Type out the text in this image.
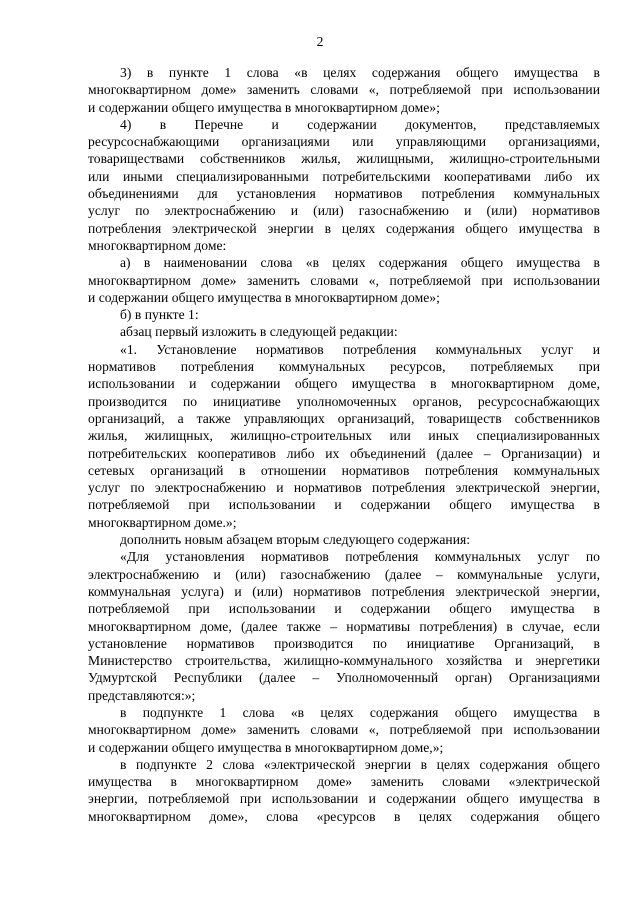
2

3) в пункте 1 слова «в целях содержания общего имущества в

многоквартирном доме» заменить словами «, потребляемой при использовании

и содержании общего имущества в многоквартирном доме»;

4) в Перечне и содержании документов, представляемых

ресурсоснабжающими организациями или управляющими организациями,

товариществами собственников жилья, жилищными, жилищно-строительными

или иными специализированными потребительскими кооперативами либо их

объединениями для установления нормативов потребления коммунальных

услуг по электроснабжению и (или) газоснабжению и (или) нормативов

потребления электрической энергии в целях содержания общего имущества в

многоквартирном доме:

а) в наименовании слова «в целях содержания общего имущества в

многоквартирном доме» заменить словами «, потребляемой при использовании

и содержании общего имущества в многоквартирном доме»;

б) в пункте 1:

абзац первый изложить в следующей редакции:

«1. Установление нормативов потребления коммунальных услуг и

нормативов потребления коммунальных ресурсов, потребляемых при

использовании и содержании общего имущества в многоквартирном доме,

производится по инициативе уполномоченных органов, ресурсоснабжающих

организаций, а также управляющих организаций, товариществ собственников

жилья, жилищных, жилищно-строительных или иных специализированных

потребительских кооперативов либо их объединений (далее – Организации) и

сетевых организаций в отношении нормативов потребления коммунальных

услуг по электроснабжению и нормативов потребления электрической энергии,

потребляемой при использовании и содержании общего имущества в

многоквартирном доме.»;

дополнить новым абзацем вторым следующего содержания:

«Для установления нормативов потребления коммунальных услуг по

электроснабжению и (или) газоснабжению (далее – коммунальные услуги,

коммунальная услуга) и (или) нормативов потребления электрической энергии,

потребляемой при использовании и содержании общего имущества в

многоквартирном доме, (далее также – нормативы потребления) в случае, если

установление нормативов производится по инициативе Организаций, в

Министерство строительства, жилищно-коммунального хозяйства и энергетики

Удмуртской Республики (далее – Уполномоченный орган) Организациями

представляются:»;

в подпункте 1 слова «в целях содержания общего имущества в

многоквартирном доме» заменить словами «, потребляемой при использовании

и содержании общего имущества в многоквартирном доме,»;

в подпункте 2 слова «электрической энергии в целях содержания общего

имущества в многоквартирном доме» заменить словами «электрической

энергии, потребляемой при использовании и содержании общего имущества в

многоквартирном доме», слова «ресурсов в целях содержания общего
